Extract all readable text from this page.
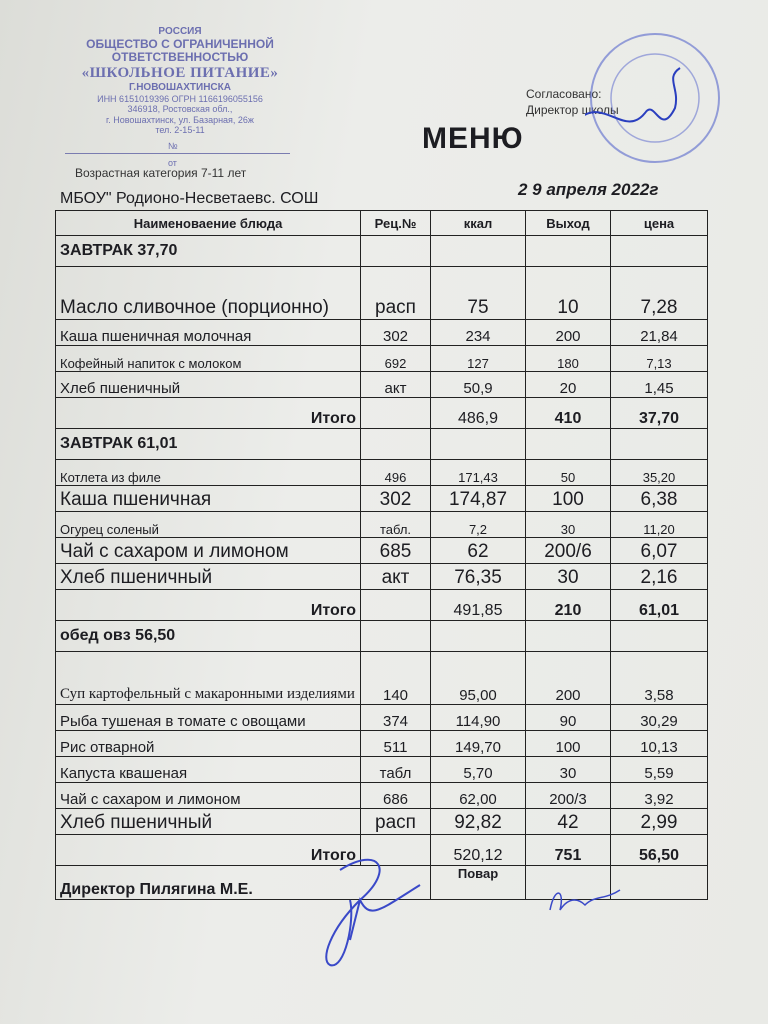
РОССИЯ
ОБЩЕСТВО С ОГРАНИЧЕННОЙ
ОТВЕТСТВЕННОСТЬЮ
«ШКОЛЬНОЕ ПИТАНИЕ»
Г.НОВОШАХТИНСКА
ИНН 6151019396 ОГРН 1166196055156
346918, Ростовская обл.,
г. Новошахтинск, ул. Базарная, 26ж
тел. 2-15-11
№
от
Возрастная категория 7-11 лет
Согласовано:
Директор школы
МЕНЮ
МБОУ" Родионо-Несветаевс. СОШ	2 9 апреля 2022г
Наименоваение блюда	Рец.№	ккал	Выход	цена
ЗАВТРАК 37,70				
Масло сливочное (порционно)	расп	75	10	7,28
Каша пшеничная молочная	302	234	200	21,84
Кофейный напиток с молоком	692	127	180	7,13
Хлеб пшеничный	акт	50,9	20	1,45
Итого		486,9	410	37,70
ЗАВТРАК 61,01				
Котлета из филе	496	171,43	50	35,20
Каша пшеничная	302	174,87	100	6,38
Огурец соленый	табл.	7,2	30	11,20
Чай с сахаром и лимоном	685	62	200/6	6,07
Хлеб пшеничный	акт	76,35	30	2,16
Итого		491,85	210	61,01
обед овз 56,50				
Суп картофельный с макаронными изделиями	140	95,00	200	3,58
Рыба тушеная в томате с овощами	374	114,90	90	30,29
Рис отварной	511	149,70	100	10,13
Капуста квашеная	табл	5,70	30	5,59
Чай с сахаром и лимоном	686	62,00	200/3	3,92
Хлеб пшеничный	расп	92,82	42	2,99
Итого		520,12	751	56,50
Директор Пилягина М.Е.		Повар		
